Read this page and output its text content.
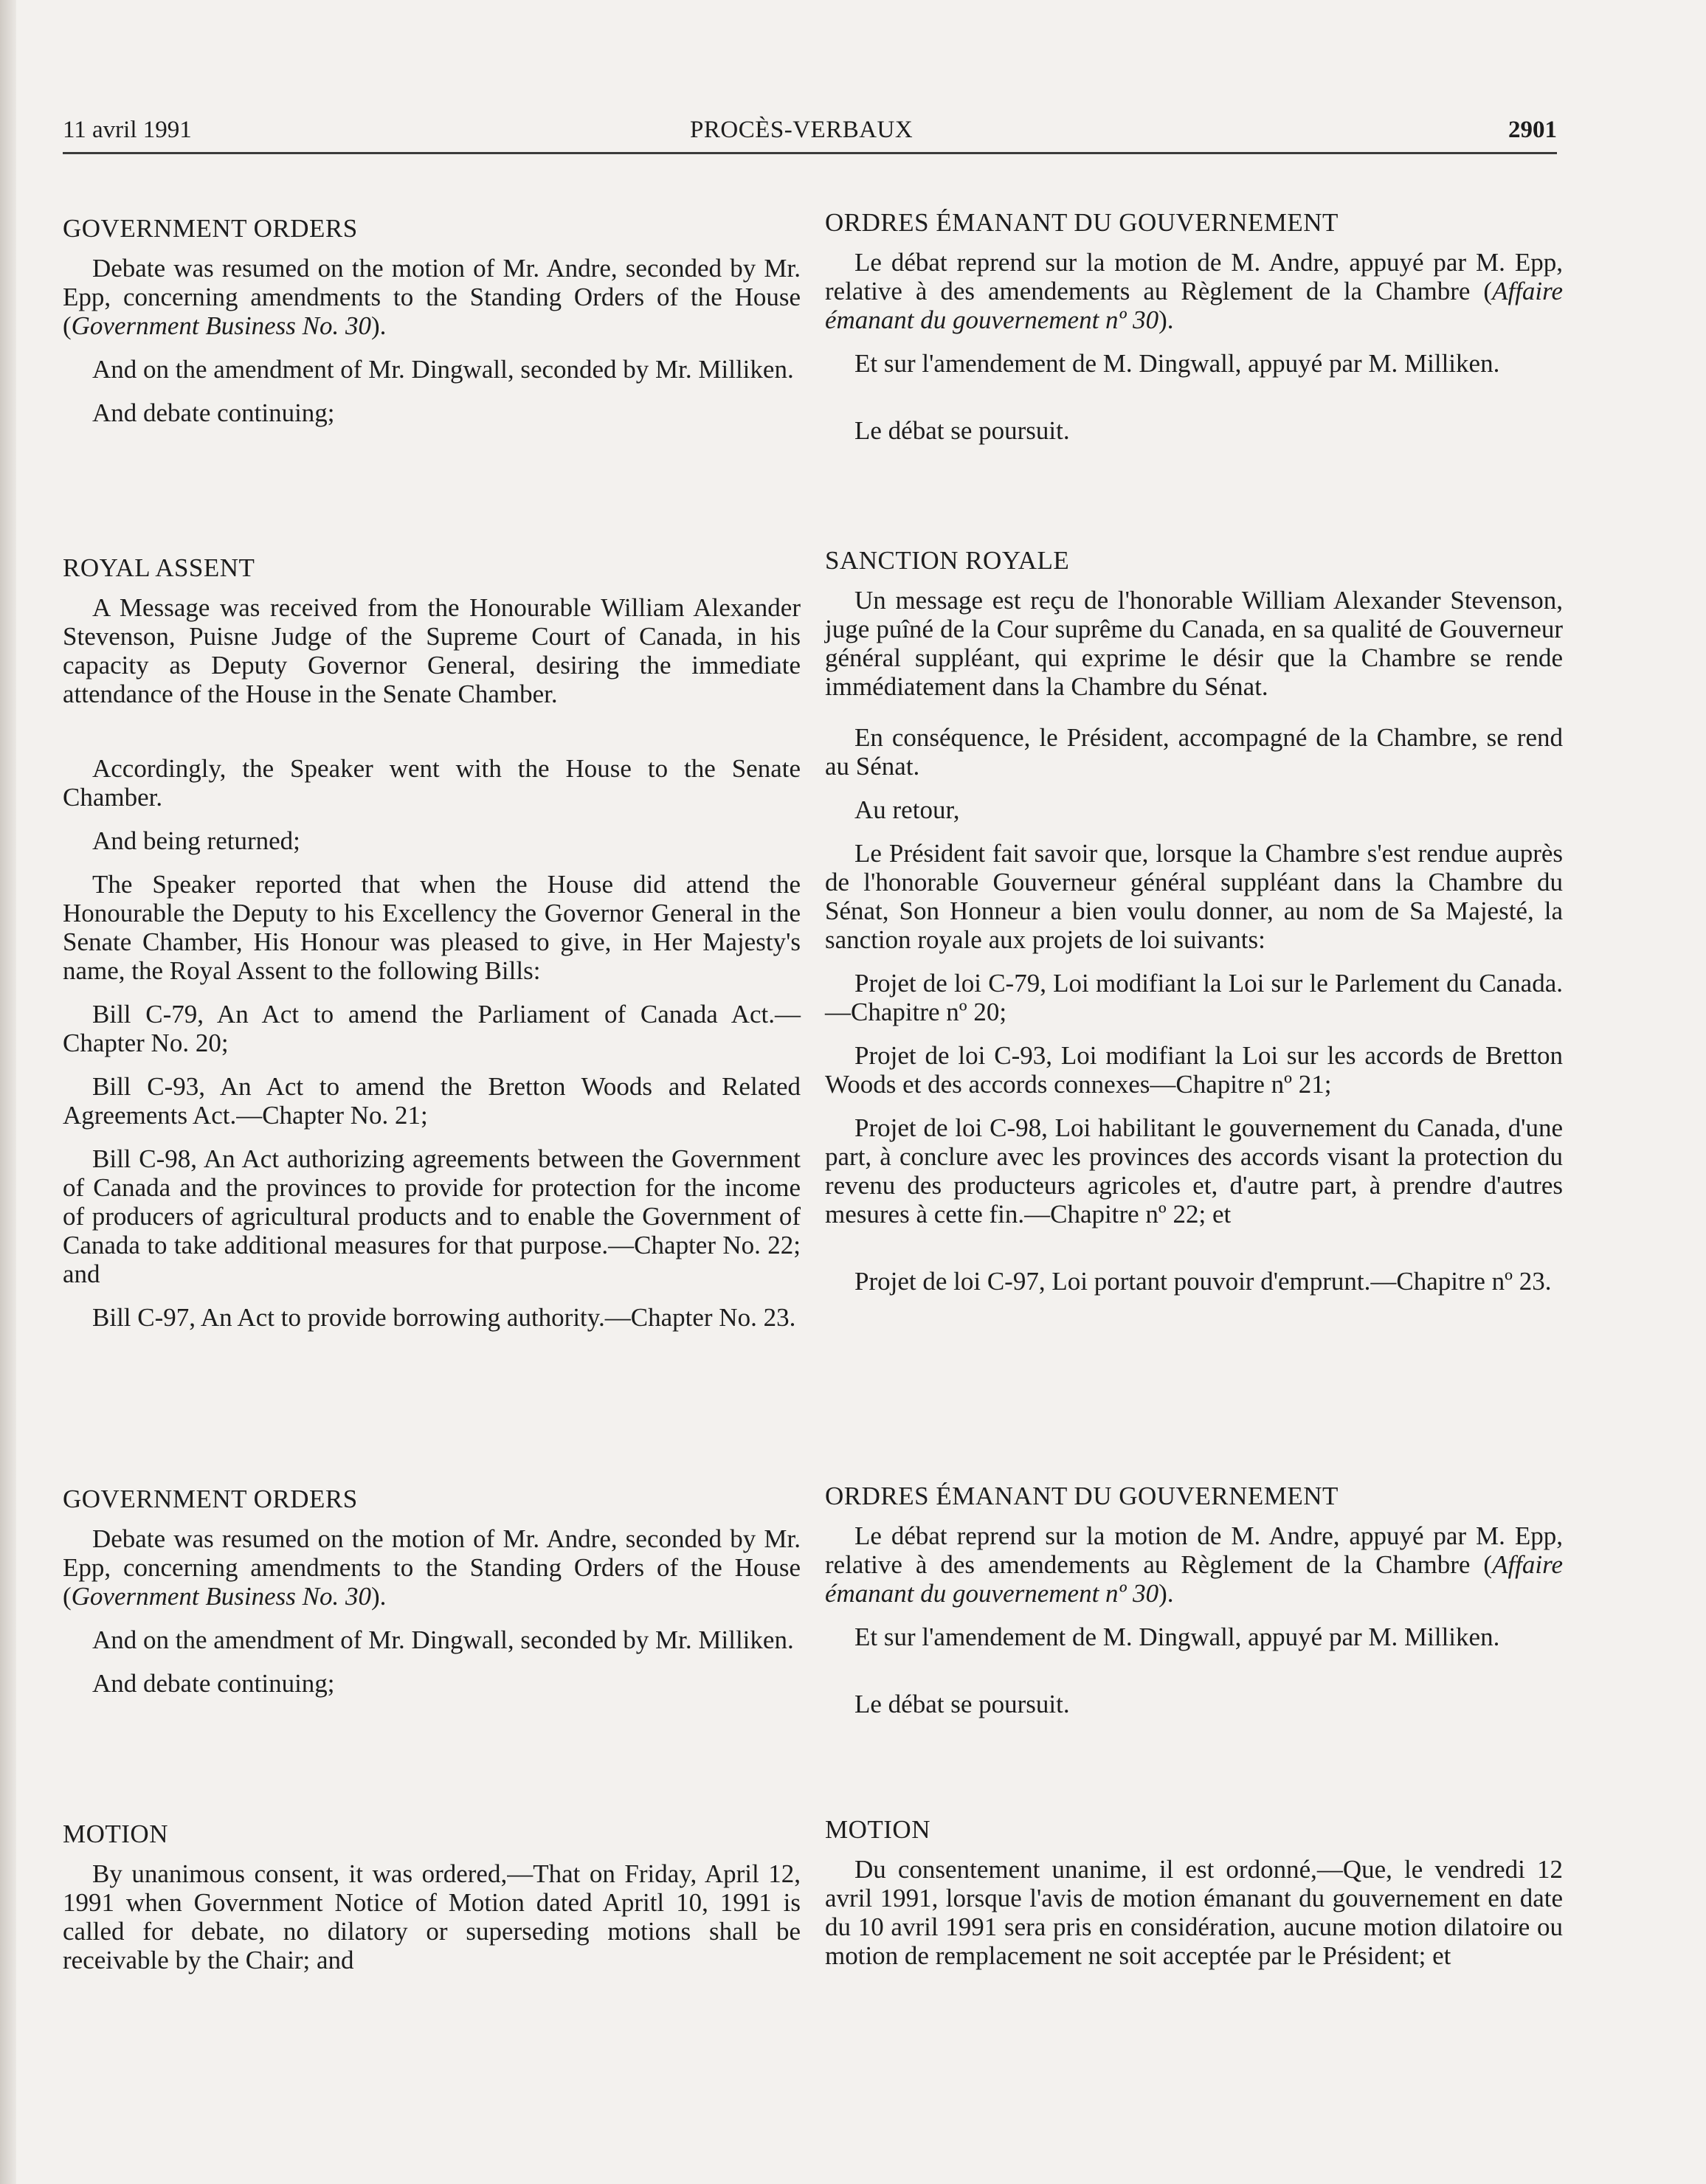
11 avril 1991	PROCÈS-VERBAUX	2901
GOVERNMENT ORDERS

Debate was resumed on the motion of Mr. Andre, seconded by Mr. Epp, concerning amendments to the Standing Orders of the House (Government Business No. 30).

And on the amendment of Mr. Dingwall, seconded by Mr. Milliken.

And debate continuing;

ROYAL ASSENT

A Message was received from the Honourable William Alexander Stevenson, Puisne Judge of the Supreme Court of Canada, in his capacity as Deputy Governor General, desiring the immediate attendance of the House in the Senate Chamber.

Accordingly, the Speaker went with the House to the Senate Chamber.

And being returned;

The Speaker reported that when the House did attend the Honourable the Deputy to his Excellency the Governor General in the Senate Chamber, His Honour was pleased to give, in Her Majesty's name, the Royal Assent to the following Bills:

Bill C-79, An Act to amend the Parliament of Canada Act.—Chapter No. 20;

Bill C-93, An Act to amend the Bretton Woods and Related Agreements Act.—Chapter No. 21;

Bill C-98, An Act authorizing agreements between the Government of Canada and the provinces to provide for protection for the income of producers of agricultural products and to enable the Government of Canada to take additional measures for that purpose.—Chapter No. 22; and

Bill C-97, An Act to provide borrowing authority.—Chapter No. 23.

GOVERNMENT ORDERS

Debate was resumed on the motion of Mr. Andre, seconded by Mr. Epp, concerning amendments to the Standing Orders of the House (Government Business No. 30).

And on the amendment of Mr. Dingwall, seconded by Mr. Milliken.

And debate continuing;

MOTION

By unanimous consent, it was ordered,—That on Friday, April 12, 1991 when Government Notice of Motion dated Apritl 10, 1991 is called for debate, no dilatory or superseding motions shall be receivable by the Chair; and

ORDRES ÉMANANT DU GOUVERNEMENT

Le débat reprend sur la motion de M. Andre, appuyé par M. Epp, relative à des amendements au Règlement de la Chambre (Affaire émanant du gouvernement nº 30).

Et sur l'amendement de M. Dingwall, appuyé par M. Milliken.

Le débat se poursuit.

SANCTION ROYALE

Un message est reçu de l'honorable William Alexander Stevenson, juge puîné de la Cour suprême du Canada, en sa qualité de Gouverneur général suppléant, qui exprime le désir que la Chambre se rende immédiatement dans la Chambre du Sénat.

En conséquence, le Président, accompagné de la Chambre, se rend au Sénat.

Au retour,

Le Président fait savoir que, lorsque la Chambre s'est rendue auprès de l'honorable Gouverneur général suppléant dans la Chambre du Sénat, Son Honneur a bien voulu donner, au nom de Sa Majesté, la sanction royale aux projets de loi suivants:

Projet de loi C-79, Loi modifiant la Loi sur le Parlement du Canada.—Chapitre nº 20;

Projet de loi C-93, Loi modifiant la Loi sur les accords de Bretton Woods et des accords connexes—Chapitre nº 21;

Projet de loi C-98, Loi habilitant le gouvernement du Canada, d'une part, à conclure avec les provinces des accords visant la protection du revenu des producteurs agricoles et, d'autre part, à prendre d'autres mesures à cette fin.—Chapitre nº 22; et

Projet de loi C-97, Loi portant pouvoir d'emprunt.—Chapitre nº 23.

ORDRES ÉMANANT DU GOUVERNEMENT

Le débat reprend sur la motion de M. Andre, appuyé par M. Epp, relative à des amendements au Règlement de la Chambre (Affaire émanant du gouvernement nº 30).

Et sur l'amendement de M. Dingwall, appuyé par M. Milliken.

Le débat se poursuit.

MOTION

Du consentement unanime, il est ordonné,—Que, le vendredi 12 avril 1991, lorsque l'avis de motion émanant du gouvernement en date du 10 avril 1991 sera pris en considération, aucune motion dilatoire ou motion de remplacement ne soit acceptée par le Président; et
